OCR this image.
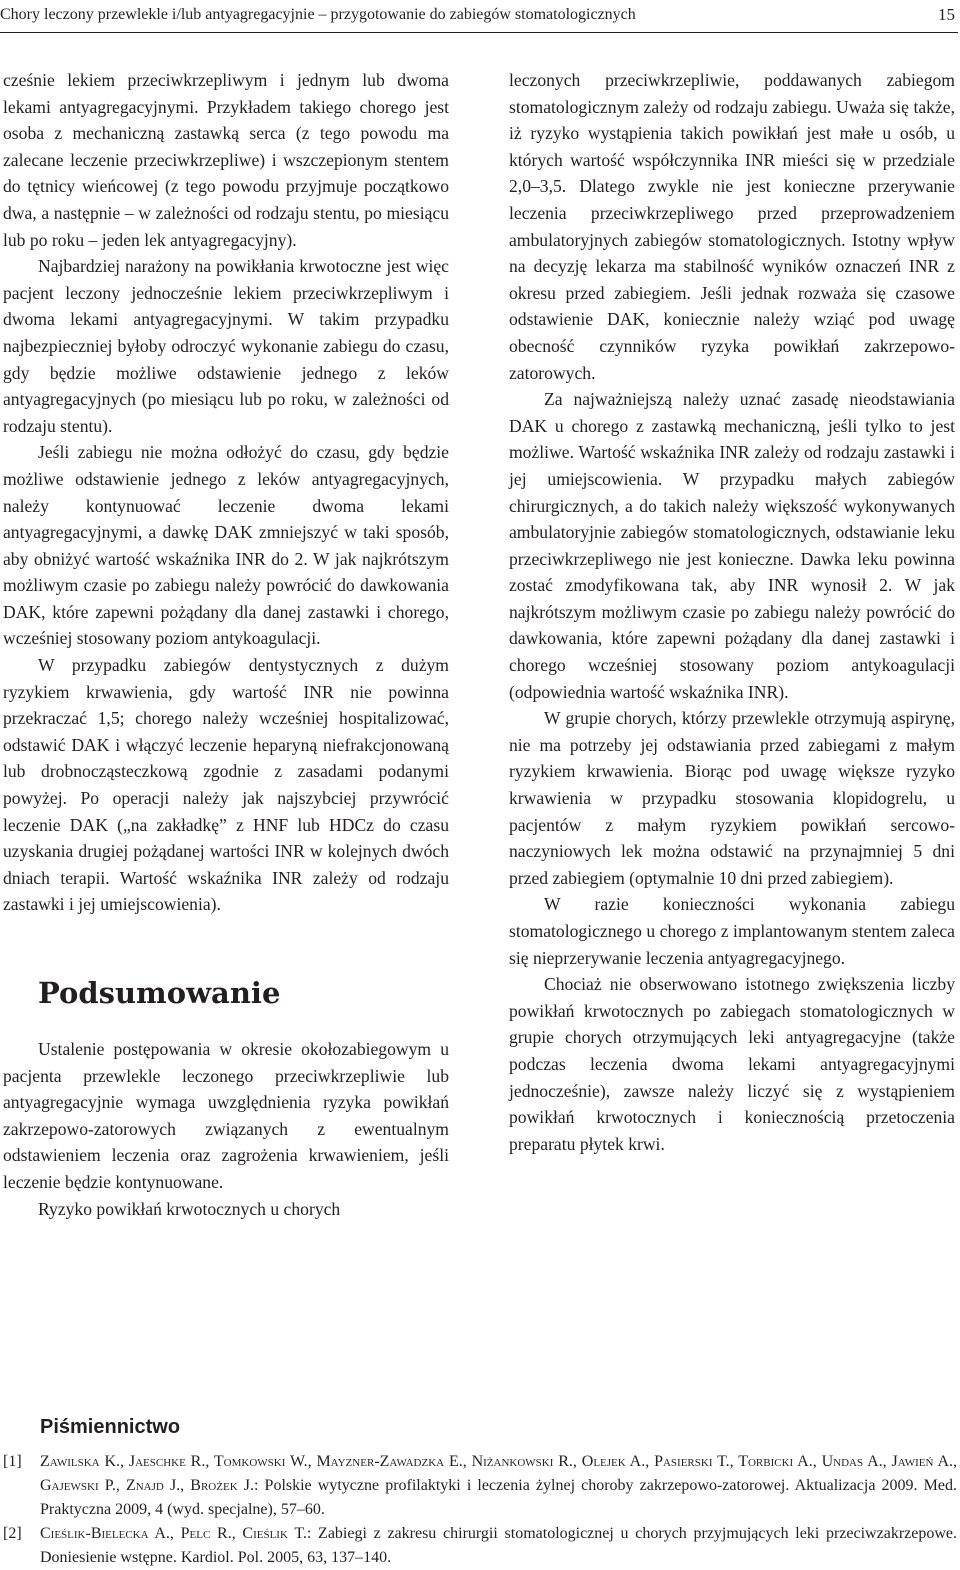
Chory leczony przewlekle i/lub antyagregacyjnie – przygotowanie do zabiegów stomatologicznych	15

cześnie lekiem przeciwkrzepliwym i jednym lub dwoma lekami antyagregacyjnymi. Przykładem takiego chorego jest osoba z mechaniczną zastawką serca (z tego powodu ma zalecane leczenie przeciwkrzepliwe) i wszczepionym stentem do tętnicy wieńcowej (z tego powodu przyjmuje początkowo dwa, a następnie – w zależności od rodzaju stentu, po miesiącu lub po roku – jeden lek antyagregacyjny).

Najbardziej narażony na powikłania krwotoczne jest więc pacjent leczony jednocześnie lekiem przeciwkrzepliwym i dwoma lekami antyagregacyjnymi. W takim przypadku najbezpieczniej byłoby odroczyć wykonanie zabiegu do czasu, gdy będzie możliwe odstawienie jednego z leków antyagregacyjnych (po miesiącu lub po roku, w zależności od rodzaju stentu).

Jeśli zabiegu nie można odłożyć do czasu, gdy będzie możliwe odstawienie jednego z leków antyagregacyjnych, należy kontynuować leczenie dwoma lekami antyagregacyjnymi, a dawkę DAK zmniejszyć w taki sposób, aby obniżyć wartość wskaźnika INR do 2. W jak najkrótszym możliwym czasie po zabiegu należy powrócić do dawkowania DAK, które zapewni pożądany dla danej zastawki i chorego, wcześniej stosowany poziom antykoagulacji.

W przypadku zabiegów dentystycznych z dużym ryzykiem krwawienia, gdy wartość INR nie powinna przekraczać 1,5; chorego należy wcześniej hospitalizować, odstawić DAK i włączyć leczenie heparyną niefrakcjonowaną lub drobnocząsteczkową zgodnie z zasadami podanymi powyżej. Po operacji należy jak najszybciej przywrócić leczenie DAK („na zakładkę” z HNF lub HDCz do czasu uzyskania drugiej pożądanej wartości INR w kolejnych dwóch dniach terapii. Wartość wskaźnika INR zależy od rodzaju zastawki i jej umiejscowienia).

Podsumowanie

Ustalenie postępowania w okresie okołozabiegowym u pacjenta przewlekle leczonego przeciwkrzepliwie lub antyagregacyjnie wymaga uwzględnienia ryzyka powikłań zakrzepowo-zatorowych związanych z ewentualnym odstawieniem leczenia oraz zagrożenia krwawieniem, jeśli leczenie będzie kontynuowane.

Ryzyko powikłań krwotocznych u chorych

leczonych przeciwkrzepliwie, poddawanych zabiegom stomatologicznym zależy od rodzaju zabiegu. Uważa się także, iż ryzyko wystąpienia takich powikłań jest małe u osób, u których wartość współczynnika INR mieści się w przedziale 2,0–3,5. Dlatego zwykle nie jest konieczne przerywanie leczenia przeciwkrzepliwego przed przeprowadzeniem ambulatoryjnych zabiegów stomatologicznych. Istotny wpływ na decyzję lekarza ma stabilność wyników oznaczeń INR z okresu przed zabiegiem. Jeśli jednak rozważa się czasowe odstawienie DAK, koniecznie należy wziąć pod uwagę obecność czynników ryzyka powikłań zakrzepowo-zatorowych.

Za najważniejszą należy uznać zasadę nieodstawiania DAK u chorego z zastawką mechaniczną, jeśli tylko to jest możliwe. Wartość wskaźnika INR zależy od rodzaju zastawki i jej umiejscowienia. W przypadku małych zabiegów chirurgicznych, a do takich należy większość wykonywanych ambulatoryjnie zabiegów stomatologicznych, odstawianie leku przeciwkrzepliwego nie jest konieczne. Dawka leku powinna zostać zmodyfikowana tak, aby INR wynosił 2. W jak najkrótszym możliwym czasie po zabiegu należy powrócić do dawkowania, które zapewni pożądany dla danej zastawki i chorego wcześniej stosowany poziom antykoagulacji (odpowiednia wartość wskaźnika INR).

W grupie chorych, którzy przewlekle otrzymują aspirynę, nie ma potrzeby jej odstawiania przed zabiegami z małym ryzykiem krwawienia. Biorąc pod uwagę większe ryzyko krwawienia w przypadku stosowania klopidogrelu, u pacjentów z małym ryzykiem powikłań sercowo-naczyniowych lek można odstawić na przynajmniej 5 dni przed zabiegiem (optymalnie 10 dni przed zabiegiem).

W razie konieczności wykonania zabiegu stomatologicznego u chorego z implantowanym stentem zaleca się nieprzerywanie leczenia antyagregacyjnego.

Chociaż nie obserwowano istotnego zwiększenia liczby powikłań krwotocznych po zabiegach stomatologicznych w grupie chorych otrzymujących leki antyagregacyjne (także podczas leczenia dwoma lekami antyagregacyjnymi jednocześnie), zawsze należy liczyć się z wystąpieniem powikłań krwotocznych i koniecznością przetoczenia preparatu płytek krwi.

Piśmiennictwo
[1] Zawilska K., Jaeschke R., Tomkowski W., Mayzner-Zawadzka E., Niżankowski R., Olejek A., Pasierski T., Torbicki A., Undas A., Jawień A., Gajewski P., Znajd J., Brożek J.: Polskie wytyczne profilaktyki i leczenia żylnej choroby zakrzepowo-zatorowej. Aktualizacja 2009. Med. Praktyczna 2009, 4 (wyd. specjalne), 57–60.
[2] Cieślik-Bielecka A., Pelc R., Cieślik T.: Zabiegi z zakresu chirurgii stomatologicznej u chorych przyjmujących leki przeciwzakrzepowe. Doniesienie wstępne. Kardiol. Pol. 2005, 63, 137–140.
